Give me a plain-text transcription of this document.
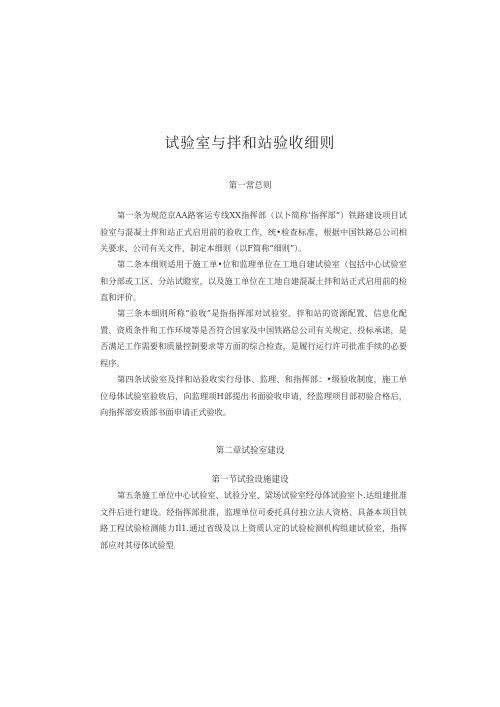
试验室与拌和站验收细则
第一常总则

第一条为规范京AA路客运专线XX指挥部（以卜简称‘指挥部”）铁路建设项目试验室与混凝土拌和站正式启用前的验收工作，统•检查标准，根据中国铁路总公司相关要求、公司有关文件，制定本细则（以F简称“细则”）。

第二条本细则适用于施工单•位和监理单位在工地自建试验室（包括中心试验室和分部或工区、分站试瞪室，以及施工单位在工地自建混凝土拌和站正式启用前的检直和评价。

第三条本细则所称“验收”是指指挥部对试验室、拌和站的资源配置、信息化配置、资质条件和工作环境等是否符合国家及中国铁路总公司有关规定、投标承诺，是否满足工作需要和质量控制要求等方面的综合检查，是履行运行许可批准手续的必要程序。

第四条试验室及拌和站验收实行母体、监理、和指挥部：•级验收制度，施工单位母体试验室验收后，向监理项H部提出书面验收申请，经监理项目部初验合格后，向指挥部安质部书面申请正式验收。

第二章试验室建设
第一节试验设施建设

第五条施工单位中心试验室、试验分室、梁场试验室经母体试验室卜.达组建批准文件后进行建设。经指挥部批准，监理单位可委托具付独立法人资格、具备本项目铁路工程试验检测能力Il1.通过省级及以上资质认定的试验检测机构组建试验室，指挥部应对其母体试验型
